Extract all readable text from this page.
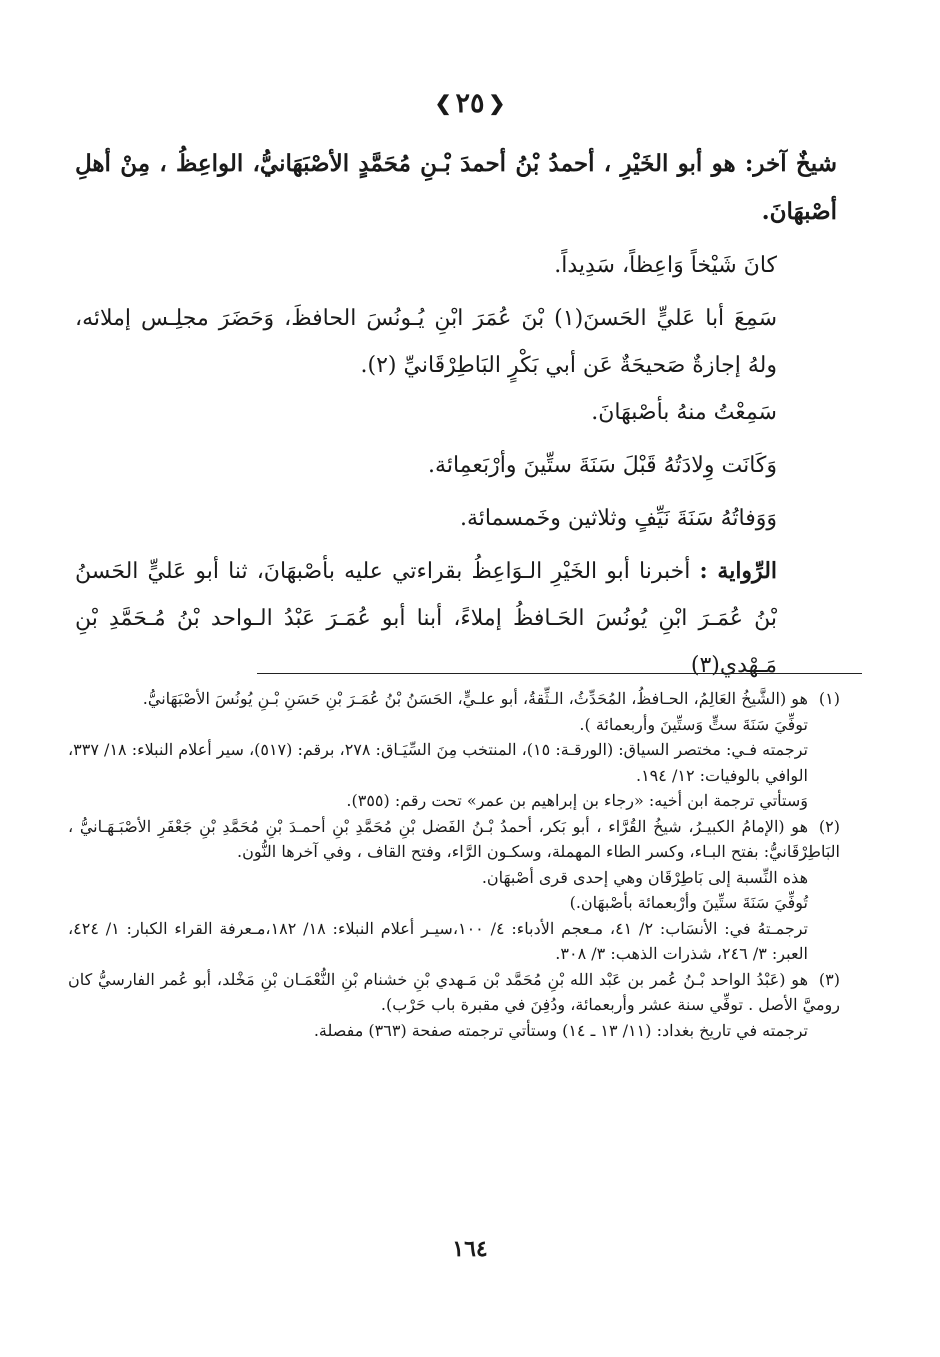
❮ ٢٥ ❯

شيخٌ آخر: هو أبو الخَيْرِ ، أحمدُ بْنُ أحمدَ بْـنِ مُحَمَّدٍ الأصْبَهَانيُّ، الواعِظُ ، مِنْ أهلِ أصْبهَانَ.

كانَ شَيْخاً وَاعِظاً، سَدِيداً.

سَمِعَ أبا عَليٍّ الحَسنَ(١) بْنَ عُمَرَ ابْنِ يُـونُسَ الحافظَ، وَحَضَرَ مجلِـس إملائه، ولهُ إجازةٌ صَحيحَةٌ عَن أبي بَكْرٍ البَاطِرْقَانيِّ (٢).

سَمِعْتُ منهُ بأصْبهَانَ.

وَكَانَت وِلادَتُهُ قَبْلَ سَنَةَ ستِّينَ وأرْبَعمِائة.

وَوَفاتُهُ سَنَةَ نَيِّفٍ وثلاثين وخَمسمائة.

الرِّواية : أخبرنا أبو الخَيْرِ الـوَاعِظُ بقراءتي عليه بأصْبهَانَ، ثنا أبو عَليٍّ الحَسنُ بْنُ عُمَـرَ ابْنِ يُونُسَ الحَـافظُ إملاءً، أبنا أبو عُمَـرَ عَبْدُ الـواحد بْنُ مُـحَمَّدِ بْنِ مَـهْدي(٣)

(١)هو (الشَّيخُ العَالِمُ، الحـافظُ، المُحَدِّثُ، الـثِّقةُ، أبو علـيٍّ، الحَسَنُ بْنُ عُمَـرَ بْنِ حَسَنِ بْـنِ يُونُسَ الأصْبَهَانيُّ.

توفِّيَ سَنَةَ ستٍّ وَستِّينَ وأربعمائة ).

ترجمته فـي: مختصر السياق: (الورقـة: ١٥)، المنتخب مِنَ السِّيَـاق: ٢٧٨، برقم: (٥١٧)، سير أعلام النبلاء: ١٨/ ٣٣٧، الوافي بالوفيات: ١٢/ ١٩٤.

وَستأتي ترجمة ابن أخيه: «رجاء بن إبراهيم بن عمر» تحت رقم: (٣٥٥).

(٢)هو (الإمامُ الكبيـرُ، شيخُ القُرَّاء ، أبو بَكر، أحمدُ بْـنُ الفَضل بْنِ مُحَمَّدِ بْنِ أحمـدَ بْنِ مُحَمَّدِ بْنِ جَعْفَرِ الأصْبَـهَـانيُّ ، البَاطِرْقَانيُّ: بفتح البـاء، وكسر الطاء المهملة، وسكـون الرَّاء، وفتح القاف ، وفي آخرها النُّون.

هذه النِّسبة إلى بَاطِرْقَان وهي إحدى قرى أصْبهَان.

تُوفِّيَ سَنَةَ ستِّينَ وأرْبعمائة بأصْبهَان.)

ترجمـتهُ في: الأنسَاب: ٢/ ٤١، مـعجم الأدباء: ٤/ ١٠٠،سيـر أعلام النبلاء: ١٨/ ١٨٢،مـعرفة القراء الكبار: ١/ ٤٢٤، العبر: ٣/ ٢٤٦، شذرات الذهب: ٣/ ٣٠٨.

(٣)هو (عَبْدُ الواحد بْـنُ عُمر بن عَبْد الله بْنِ مُحَمَّد بْن مَـهدي بْنِ خشنام بْنِ النُّعْمَـان بْنِ مَخْلد، أبو عُمر الفارسيُّ كان روميَّ الأصل . توفِّي سنة عشر وأربعمائة، ودُفِنَ في مقبرة باب حَرْب).

ترجمته في تاريخ بغداد: (١١/ ١٣ ـ ١٤) وستأتي ترجمته صفحة (٣٦٣) مفصلة.

١٦٤
